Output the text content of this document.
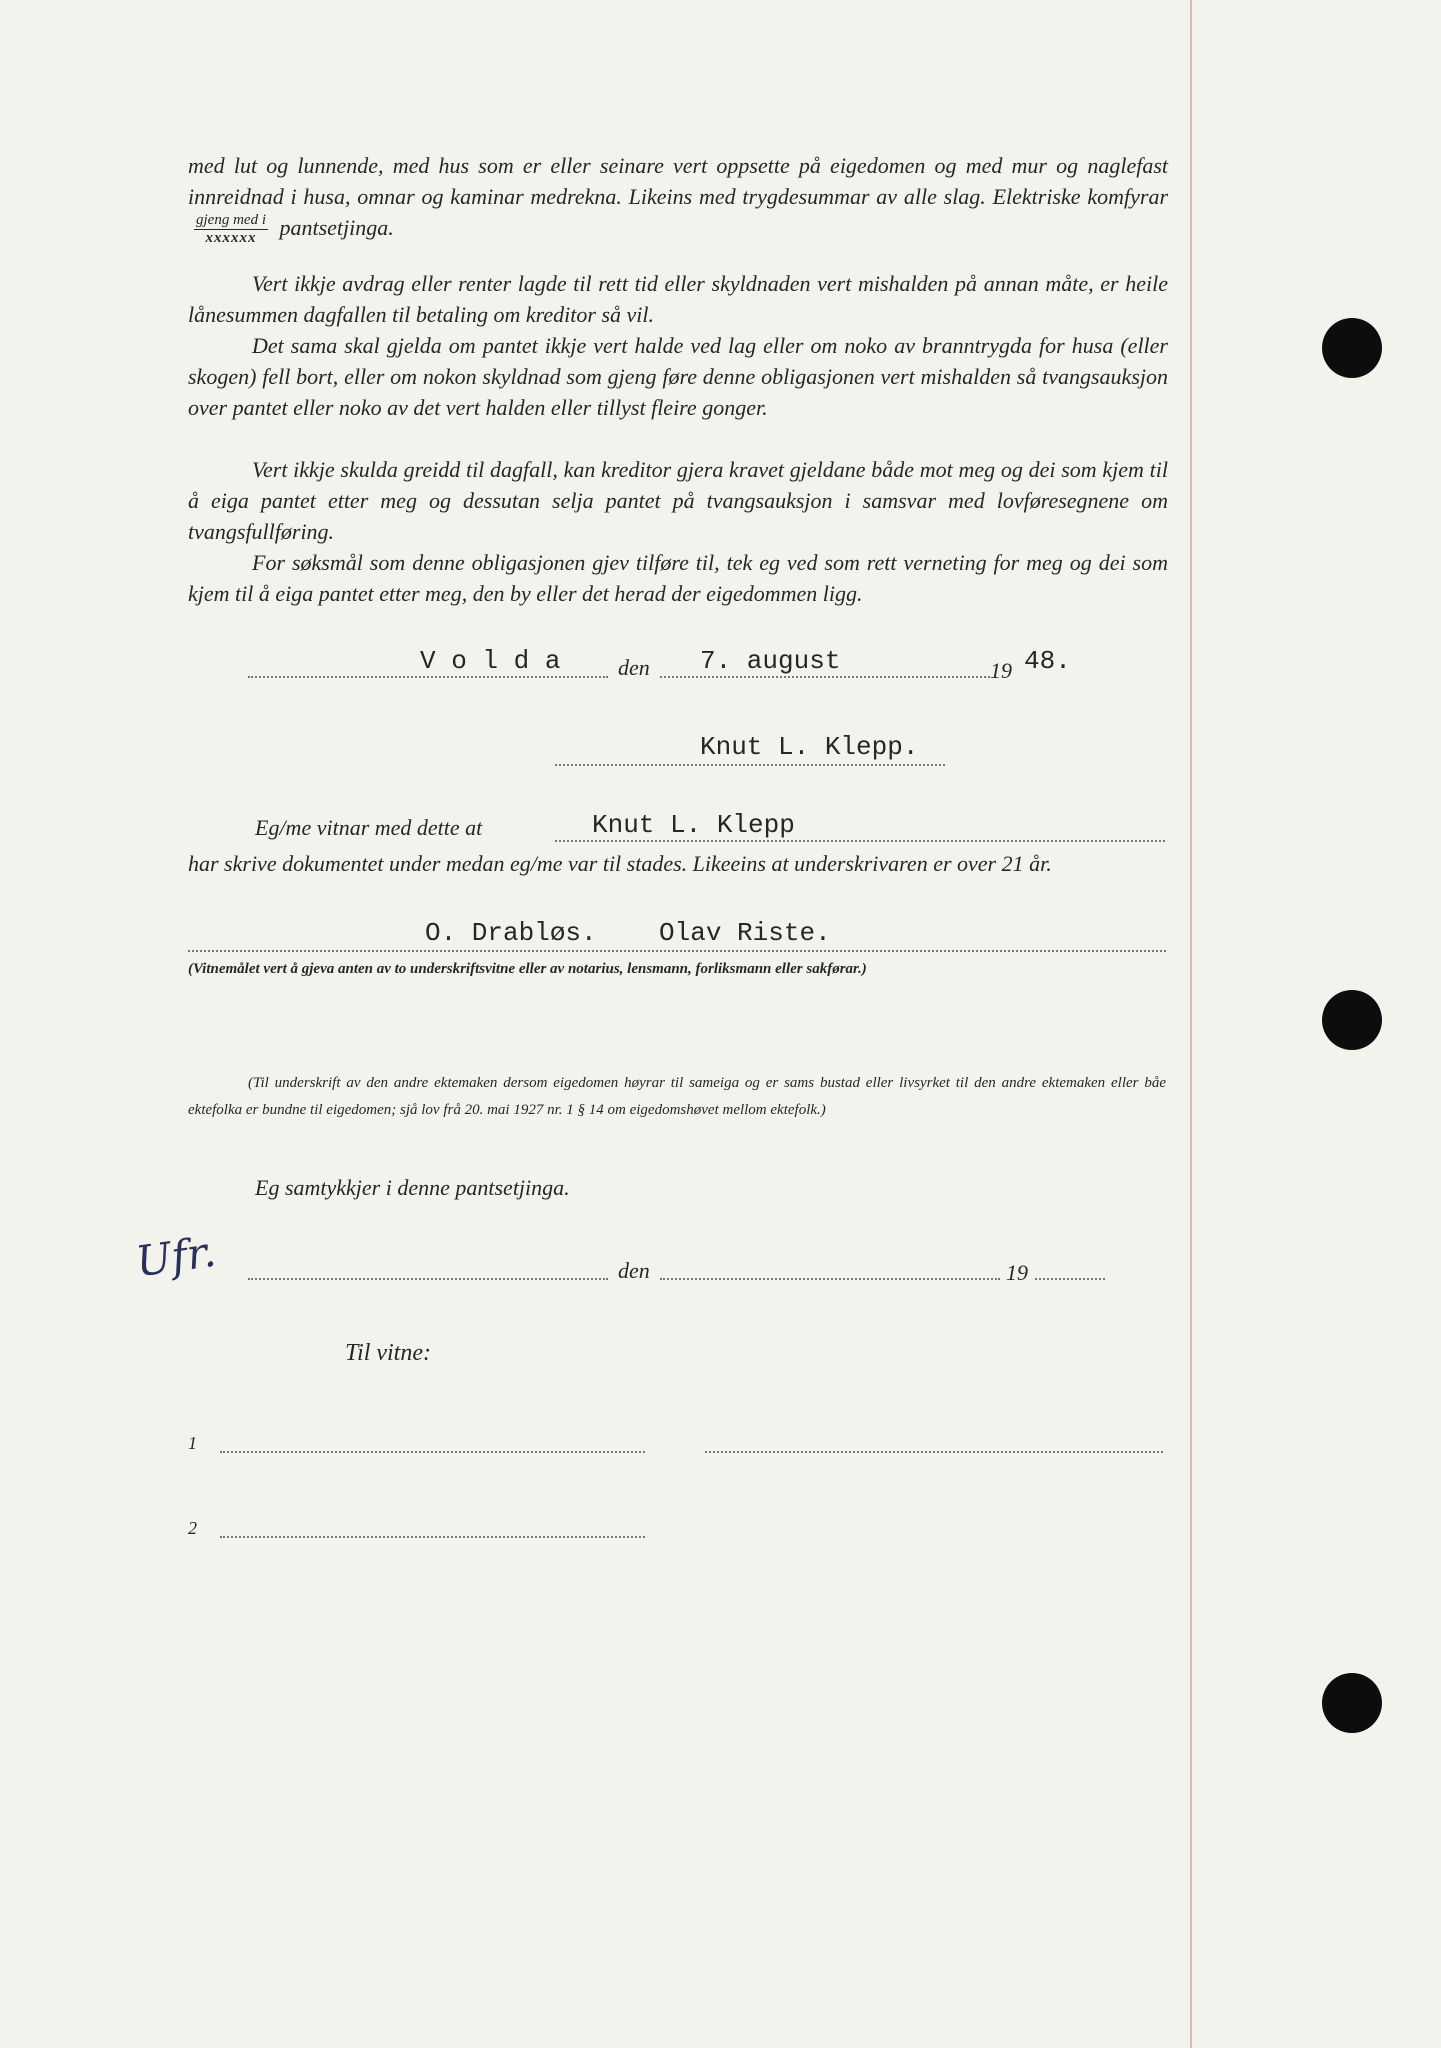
med lut og lunnende, med hus som er eller seinare vert oppsette på eigedomen og med mur og naglefast innreidnad i husa, omnar og kaminar medrekna. Likeins med trygdesummar av alle slag. Elektriske komfyrar
$\frac{\text{gjeng med i}}{\text{xxxxxx}}$ pantsetjinga.

Vert ikkje avdrag eller renter lagde til rett tid eller skyldnaden vert mishalden på annan måte, er heile lånesummen dagfallen til betaling om kreditor så vil.

Det sama skal gjelda om pantet ikkje vert halde ved lag eller om noko av branntrygda for husa (eller skogen) fell bort, eller om nokon skyldnad som gjeng føre denne obligasjonen vert mishalden så tvangsauksjon over pantet eller noko av det vert halden eller tillyst fleire gonger.

Vert ikkje skulda greidd til dagfall, kan kreditor gjera kravet gjeldane både mot meg og dei som kjem til å eiga pantet etter meg og dessutan selja pantet på tvangsauksjon i samsvar med lovføresegnene om tvangsfullføring.

For søksmål som denne obligasjonen gjev tilføre til, tek eg ved som rett verneting for meg og dei som kjem til å eiga pantet etter meg, den by eller det herad der eigedommen ligg.

V o l d a	den 7. august	19 48.
Knut L. Klepp.
Eg/me vitnar med dette at	Knut L. Klepp

har skrive dokumentet under medan eg/me var til stades. Likeeins at underskrivaren er over 21 år.

O. Drabløs.    Olav Riste.
(Vitnemålet vert å gjeva anten av to underskriftsvitne eller av notarius, lensmann, forliksmann eller sakførar.)
(Til underskrift av den andre ektemaken dersom eigedomen høyrar til sameiga og er sams bustad eller livsyrket til den andre ektemaken eller båe ektefolka er bundne til eigedomen; sjå lov frå 20. mai 1927 nr. 1 § 14 om eigedomshøvet mellom ektefolk.)
Eg samtykkjer i denne pantsetjinga.
Ufr.	den	19
Til vitne:
1
2
